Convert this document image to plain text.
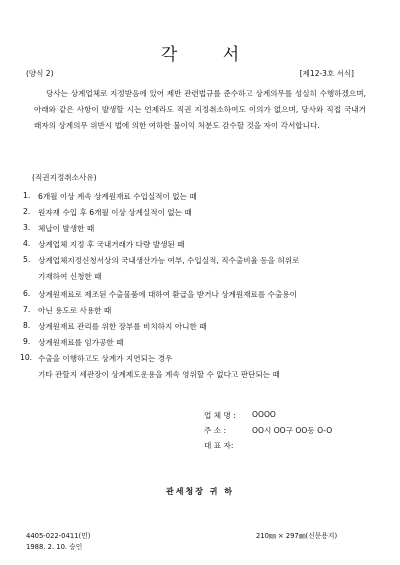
각 서
(양식 2)	[제12-3호 서식]
당사는 상계업체로 지정받음에 있어 제반 관련법규를 준수하고 상계의무를 성실히 수행하겠으며, 아래와 같은 사항이 발생할 시는 언제라도 직권 지정취소하여도 이의가 없으며, 당사와 직접 국내거래자의 상계의무 위반시 법에 의한 여하한 불이익 처분도 감수할 것을 자이 각서합니다.
(직권지정취소사유)
1. 6개월 이상 계속 상계원재료 수입실적이 없는 때
2. 원자재 수입 후 6개월 이상 상계실적이 없는 때
3. 체납이 발생한 때
4. 상계업체 지정 후 국내거래가 다량 발생된 때
5. 상계업체지정신청서상의 국내생산가능 여부, 수입실적, 직수출비율 등을 허위로
기재하여 신청한 때
6. 상계원재료로 제조된 수출물품에 대하여 환급을 받거나 상계원재료를 수출용이
7. 아닌 용도로 사용한 때
8. 상계원재료 관리를 위한 장부를 비치하지 아니한 때
9. 상계원재료를 임가공한 때
10. 수출을 이행하고도 상계가 지연되는 경우
기타 관할지 세관장이 상계제도운용을 계속 영위할 수 없다고 판단되는 때
업 체 명 :	OOOO
주 소 :	OO시 OO구 OO동 O-O
대 표 자:
관세청장 귀 하
4405-022-0411(민)
1988. 2. 10. 승인
210㎜ × 297㎜(신문용지)
